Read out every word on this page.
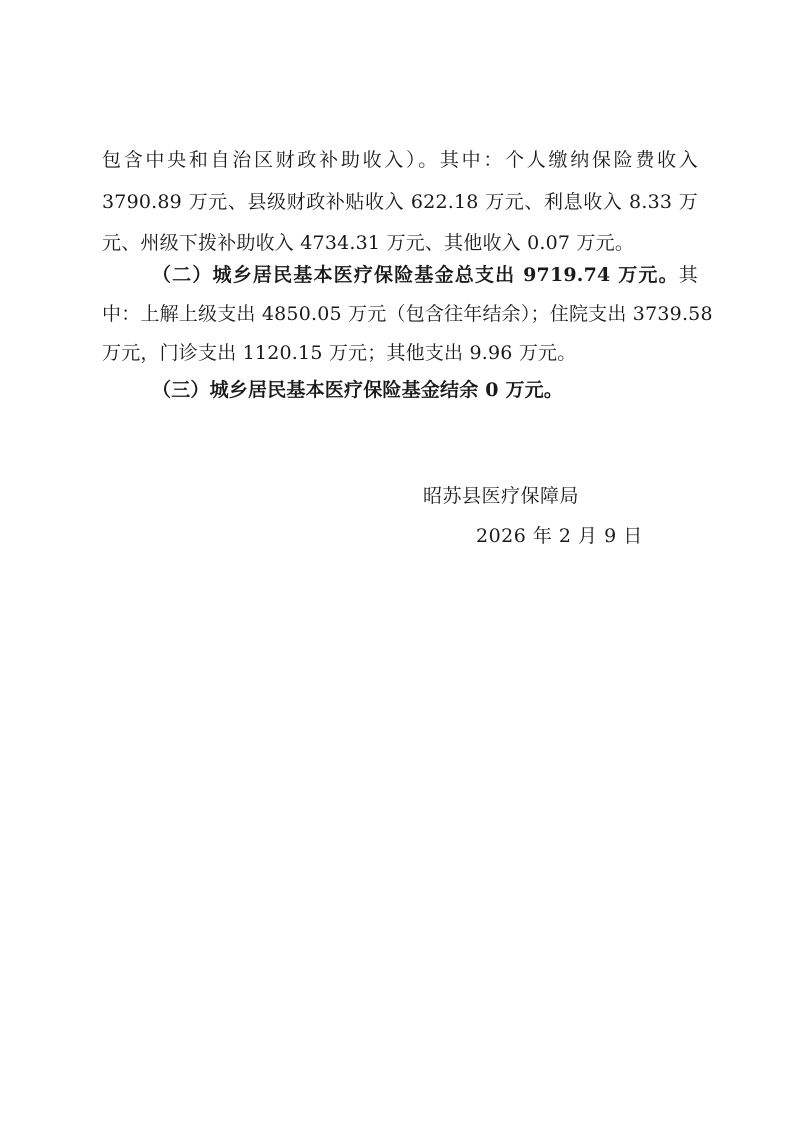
包含中央和自治区财政补助收入）。其中：个人缴纳保险费收入
3790.89 万元、县级财政补贴收入 622.18 万元、利息收入 8.33 万
元、州级下拨补助收入 4734.31 万元、其他收入 0.07 万元。
（二）城乡居民基本医疗保险基金总支出 9719.74 万元。其
中：上解上级支出 4850.05 万元（包含往年结余）；住院支出 3739.58
万元，门诊支出 1120.15 万元；其他支出 9.96 万元。
（三）城乡居民基本医疗保险基金结余 0 万元。
昭苏县医疗保障局
2026 年 2 月 9 日
